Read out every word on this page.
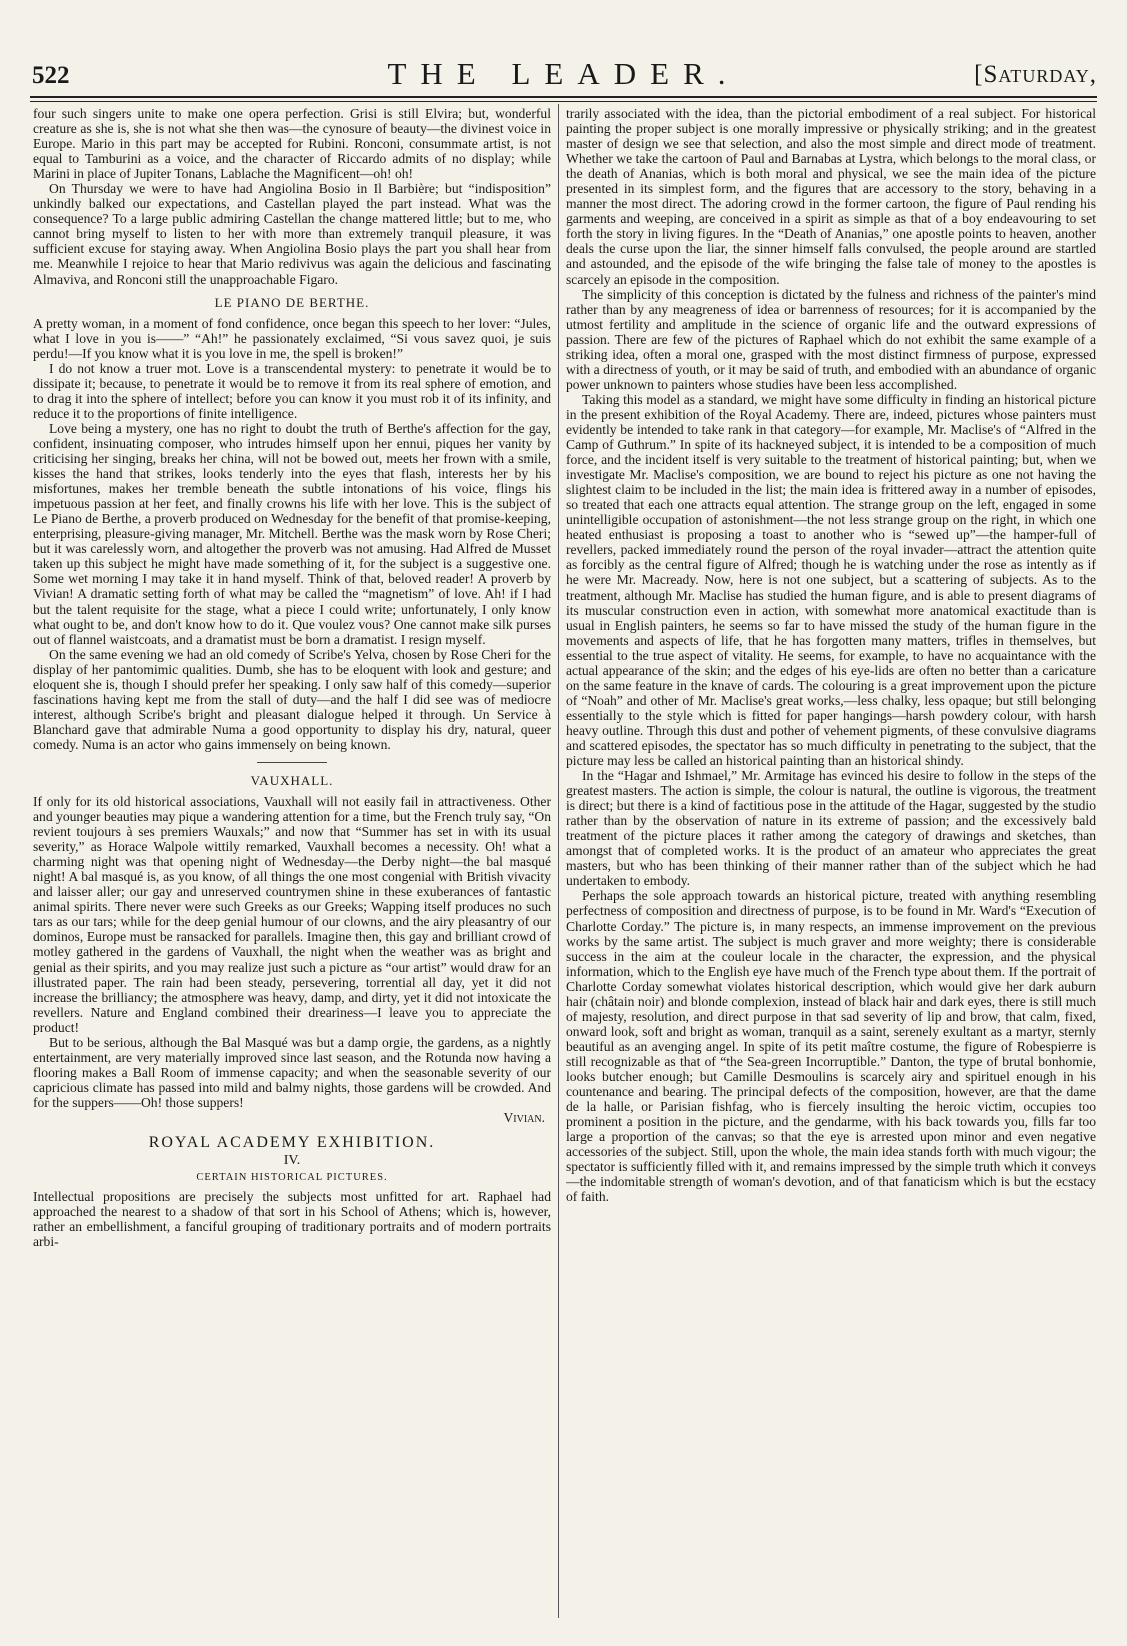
522	THE LEADER.	[Saturday,

four such singers unite to make one opera perfection. Grisi is still Elvira; but, wonderful creature as she is, she is not what she then was—the cynosure of beauty—the divinest voice in Europe. Mario in this part may be accepted for Rubini. Ronconi, consummate artist, is not equal to Tamburini as a voice, and the character of Riccardo admits of no display; while Marini in place of Jupiter Tonans, Lablache the Magnificent—oh! oh!

On Thursday we were to have had Angiolina Bosio in Il Barbière; but “indisposition” unkindly balked our expectations, and Castellan played the part instead. What was the consequence? To a large public admiring Castellan the change mattered little; but to me, who cannot bring myself to listen to her with more than extremely tranquil pleasure, it was sufficient excuse for staying away. When Angiolina Bosio plays the part you shall hear from me. Meanwhile I rejoice to hear that Mario redivivus was again the delicious and fascinating Almaviva, and Ronconi still the unapproachable Figaro.

LE PIANO DE BERTHE.

A pretty woman, in a moment of fond confidence, once began this speech to her lover: “Jules, what I love in you is——” “Ah!” he passionately exclaimed, “Si vous savez quoi, je suis perdu!—If you know what it is you love in me, the spell is broken!”

I do not know a truer mot. Love is a transcendental mystery: to penetrate it would be to dissipate it; because, to penetrate it would be to remove it from its real sphere of emotion, and to drag it into the sphere of intellect; before you can know it you must rob it of its infinity, and reduce it to the proportions of finite intelligence.

Love being a mystery, one has no right to doubt the truth of Berthe's affection for the gay, confident, insinuating composer, who intrudes himself upon her ennui, piques her vanity by criticising her singing, breaks her china, will not be bowed out, meets her frown with a smile, kisses the hand that strikes, looks tenderly into the eyes that flash, interests her by his misfortunes, makes her tremble beneath the subtle intonations of his voice, flings his impetuous passion at her feet, and finally crowns his life with her love. This is the subject of Le Piano de Berthe, a proverb produced on Wednesday for the benefit of that promise-keeping, enterprising, pleasure-giving manager, Mr. Mitchell. Berthe was the mask worn by Rose Cheri; but it was carelessly worn, and altogether the proverb was not amusing. Had Alfred de Musset taken up this subject he might have made something of it, for the subject is a suggestive one. Some wet morning I may take it in hand myself. Think of that, beloved reader! A proverb by Vivian! A dramatic setting forth of what may be called the “magnetism” of love. Ah! if I had but the talent requisite for the stage, what a piece I could write; unfortunately, I only know what ought to be, and don't know how to do it. Que voulez vous? One cannot make silk purses out of flannel waistcoats, and a dramatist must be born a dramatist. I resign myself.

On the same evening we had an old comedy of Scribe's Yelva, chosen by Rose Cheri for the display of her pantomimic qualities. Dumb, she has to be eloquent with look and gesture; and eloquent she is, though I should prefer her speaking. I only saw half of this comedy—superior fascinations having kept me from the stall of duty—and the half I did see was of mediocre interest, although Scribe's bright and pleasant dialogue helped it through. Un Service à Blanchard gave that admirable Numa a good opportunity to display his dry, natural, queer comedy. Numa is an actor who gains immensely on being known.

VAUXHALL.

If only for its old historical associations, Vauxhall will not easily fail in attractiveness. Other and younger beauties may pique a wandering attention for a time, but the French truly say, “On revient toujours à ses premiers Wauxals;” and now that “Summer has set in with its usual severity,” as Horace Walpole wittily remarked, Vauxhall becomes a necessity. Oh! what a charming night was that opening night of Wednesday—the Derby night—the bal masqué night! A bal masqué is, as you know, of all things the one most congenial with British vivacity and laisser aller; our gay and unreserved countrymen shine in these exuberances of fantastic animal spirits. There never were such Greeks as our Greeks; Wapping itself produces no such tars as our tars; while for the deep genial humour of our clowns, and the airy pleasantry of our dominos, Europe must be ransacked for parallels. Imagine then, this gay and brilliant crowd of motley gathered in the gardens of Vauxhall, the night when the weather was as bright and genial as their spirits, and you may realize just such a picture as “our artist” would draw for an illustrated paper. The rain had been steady, persevering, torrential all day, yet it did not increase the brilliancy; the atmosphere was heavy, damp, and dirty, yet it did not intoxicate the revellers. Nature and England combined their dreariness—I leave you to appreciate the product!

But to be serious, although the Bal Masqué was but a damp orgie, the gardens, as a nightly entertainment, are very materially improved since last season, and the Rotunda now having a flooring makes a Ball Room of immense capacity; and when the seasonable severity of our capricious climate has passed into mild and balmy nights, those gardens will be crowded. And for the suppers——Oh! those suppers!

Vivian.
ROYAL ACADEMY EXHIBITION.
IV.
CERTAIN HISTORICAL PICTURES.

Intellectual propositions are precisely the subjects most unfitted for art. Raphael had approached the nearest to a shadow of that sort in his School of Athens; which is, however, rather an embellishment, a fanciful grouping of traditionary portraits and of modern portraits arbi-

trarily associated with the idea, than the pictorial embodiment of a real subject. For historical painting the proper subject is one morally impressive or physically striking; and in the greatest master of design we see that selection, and also the most simple and direct mode of treatment. Whether we take the cartoon of Paul and Barnabas at Lystra, which belongs to the moral class, or the death of Ananias, which is both moral and physical, we see the main idea of the picture presented in its simplest form, and the figures that are accessory to the story, behaving in a manner the most direct. The adoring crowd in the former cartoon, the figure of Paul rending his garments and weeping, are conceived in a spirit as simple as that of a boy endeavouring to set forth the story in living figures. In the “Death of Ananias,” one apostle points to heaven, another deals the curse upon the liar, the sinner himself falls convulsed, the people around are startled and astounded, and the episode of the wife bringing the false tale of money to the apostles is scarcely an episode in the composition.

The simplicity of this conception is dictated by the fulness and richness of the painter's mind rather than by any meagreness of idea or barrenness of resources; for it is accompanied by the utmost fertility and amplitude in the science of organic life and the outward expressions of passion. There are few of the pictures of Raphael which do not exhibit the same example of a striking idea, often a moral one, grasped with the most distinct firmness of purpose, expressed with a directness of youth, or it may be said of truth, and embodied with an abundance of organic power unknown to painters whose studies have been less accomplished.

Taking this model as a standard, we might have some difficulty in finding an historical picture in the present exhibition of the Royal Academy. There are, indeed, pictures whose painters must evidently be intended to take rank in that category—for example, Mr. Maclise's of “Alfred in the Camp of Guthrum.” In spite of its hackneyed subject, it is intended to be a composition of much force, and the incident itself is very suitable to the treatment of historical painting; but, when we investigate Mr. Maclise's composition, we are bound to reject his picture as one not having the slightest claim to be included in the list; the main idea is frittered away in a number of episodes, so treated that each one attracts equal attention. The strange group on the left, engaged in some unintelligible occupation of astonishment—the not less strange group on the right, in which one heated enthusiast is proposing a toast to another who is “sewed up”—the hamper-full of revellers, packed immediately round the person of the royal invader—attract the attention quite as forcibly as the central figure of Alfred; though he is watching under the rose as intently as if he were Mr. Macready. Now, here is not one subject, but a scattering of subjects. As to the treatment, although Mr. Maclise has studied the human figure, and is able to present diagrams of its muscular construction even in action, with somewhat more anatomical exactitude than is usual in English painters, he seems so far to have missed the study of the human figure in the movements and aspects of life, that he has forgotten many matters, trifles in themselves, but essential to the true aspect of vitality. He seems, for example, to have no acquaintance with the actual appearance of the skin; and the edges of his eye-lids are often no better than a caricature on the same feature in the knave of cards. The colouring is a great improvement upon the picture of “Noah” and other of Mr. Maclise's great works,—less chalky, less opaque; but still belonging essentially to the style which is fitted for paper hangings—harsh powdery colour, with harsh heavy outline. Through this dust and pother of vehement pigments, of these convulsive diagrams and scattered episodes, the spectator has so much difficulty in penetrating to the subject, that the picture may less be called an historical painting than an historical shindy.

In the “Hagar and Ishmael,” Mr. Armitage has evinced his desire to follow in the steps of the greatest masters. The action is simple, the colour is natural, the outline is vigorous, the treatment is direct; but there is a kind of factitious pose in the attitude of the Hagar, suggested by the studio rather than by the observation of nature in its extreme of passion; and the excessively bald treatment of the picture places it rather among the category of drawings and sketches, than amongst that of completed works. It is the product of an amateur who appreciates the great masters, but who has been thinking of their manner rather than of the subject which he had undertaken to embody.

Perhaps the sole approach towards an historical picture, treated with anything resembling perfectness of composition and directness of purpose, is to be found in Mr. Ward's “Execution of Charlotte Corday.” The picture is, in many respects, an immense improvement on the previous works by the same artist. The subject is much graver and more weighty; there is considerable success in the aim at the couleur locale in the character, the expression, and the physical information, which to the English eye have much of the French type about them. If the portrait of Charlotte Corday somewhat violates historical description, which would give her dark auburn hair (châtain noir) and blonde complexion, instead of black hair and dark eyes, there is still much of majesty, resolution, and direct purpose in that sad severity of lip and brow, that calm, fixed, onward look, soft and bright as woman, tranquil as a saint, serenely exultant as a martyr, sternly beautiful as an avenging angel. In spite of its petit maître costume, the figure of Robespierre is still recognizable as that of “the Sea-green Incorruptible.” Danton, the type of brutal bonhomie, looks butcher enough; but Camille Desmoulins is scarcely airy and spirituel enough in his countenance and bearing. The principal defects of the composition, however, are that the dame de la halle, or Parisian fishfag, who is fiercely insulting the heroic victim, occupies too prominent a position in the picture, and the gendarme, with his back towards you, fills far too large a proportion of the canvas; so that the eye is arrested upon minor and even negative accessories of the subject. Still, upon the whole, the main idea stands forth with much vigour; the spectator is sufficiently filled with it, and remains impressed by the simple truth which it conveys—the indomitable strength of woman's devotion, and of that fanaticism which is but the ecstacy of faith.
